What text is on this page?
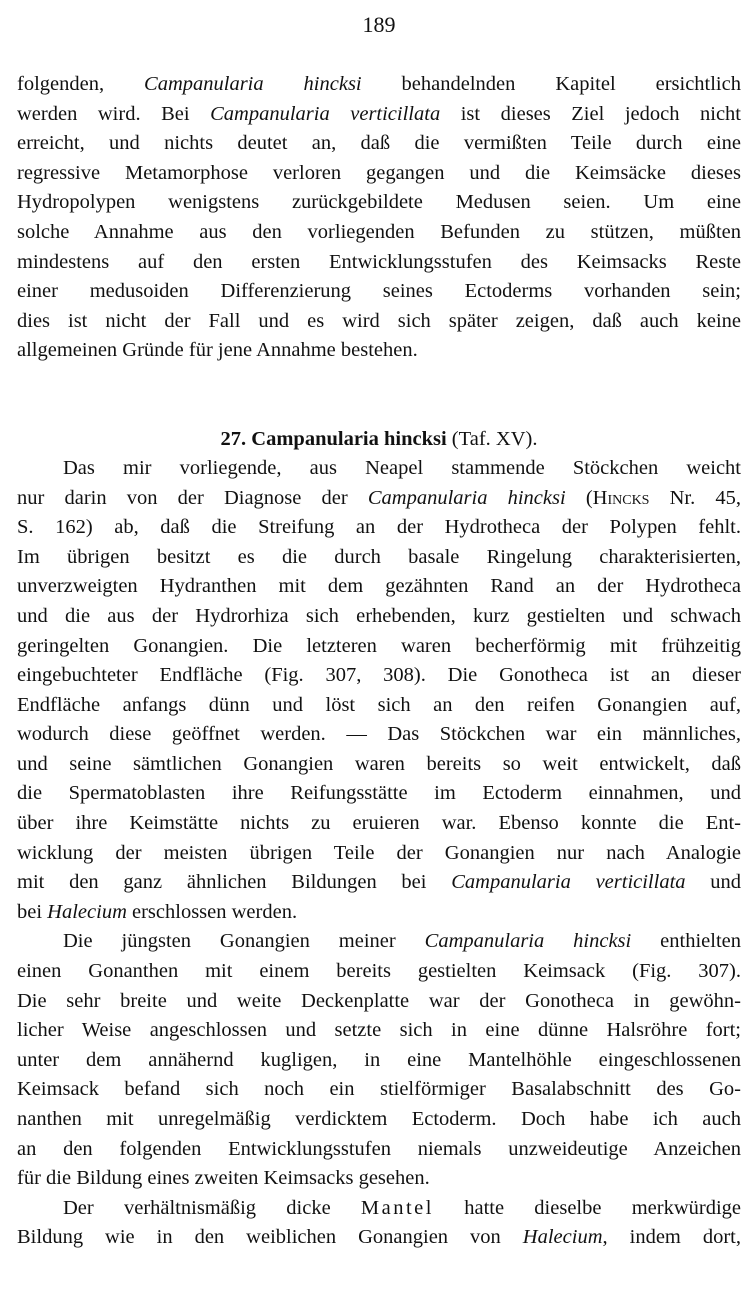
189
folgenden, Campanularia hincksi behandelnden Kapitel ersichtlich
werden wird. Bei Campanularia verticillata ist dieses Ziel jedoch nicht
erreicht, und nichts deutet an, daß die vermißten Teile durch eine
regressive Metamorphose verloren gegangen und die Keimsäcke dieses
Hydropolypen wenigstens zurückgebildete Medusen seien. Um eine
solche Annahme aus den vorliegenden Befunden zu stützen, müßten
mindestens auf den ersten Entwicklungsstufen des Keimsacks Reste
einer medusoiden Differenzierung seines Ectoderms vorhanden sein;
dies ist nicht der Fall und es wird sich später zeigen, daß auch keine
allgemeinen Gründe für jene Annahme bestehen.
27. Campanularia hincksi (Taf. XV).
Das mir vorliegende, aus Neapel stammende Stöckchen weicht
nur darin von der Diagnose der Campanularia hincksi (Hincks Nr. 45,
S. 162) ab, daß die Streifung an der Hydrotheca der Polypen fehlt.
Im übrigen besitzt es die durch basale Ringelung charakterisierten,
unverzweigten Hydranthen mit dem gezähnten Rand an der Hydrotheca
und die aus der Hydrorhiza sich erhebenden, kurz gestielten und schwach
geringelten Gonangien. Die letzteren waren becherförmig mit frühzeitig
eingebuchteter Endfläche (Fig. 307, 308). Die Gonotheca ist an dieser
Endfläche anfangs dünn und löst sich an den reifen Gonangien auf,
wodurch diese geöffnet werden. — Das Stöckchen war ein männliches,
und seine sämtlichen Gonangien waren bereits so weit entwickelt, daß
die Spermatoblasten ihre Reifungsstätte im Ectoderm einnahmen, und
über ihre Keimstätte nichts zu eruieren war. Ebenso konnte die Ent-
wicklung der meisten übrigen Teile der Gonangien nur nach Analogie
mit den ganz ähnlichen Bildungen bei Campanularia verticillata und
bei Halecium erschlossen werden.
Die jüngsten Gonangien meiner Campanularia hincksi enthielten
einen Gonanthen mit einem bereits gestielten Keimsack (Fig. 307).
Die sehr breite und weite Deckenplatte war der Gonotheca in gewöhn-
licher Weise angeschlossen und setzte sich in eine dünne Halsröhre fort;
unter dem annähernd kugligen, in eine Mantelhöhle eingeschlossenen
Keimsack befand sich noch ein stielförmiger Basalabschnitt des Go-
nanthen mit unregelmäßig verdicktem Ectoderm. Doch habe ich auch
an den folgenden Entwicklungsstufen niemals unzweideutige Anzeichen
für die Bildung eines zweiten Keimsacks gesehen.
Der verhältnismäßig dicke Mantel hatte dieselbe merkwürdige
Bildung wie in den weiblichen Gonangien von Halecium, indem dort,
